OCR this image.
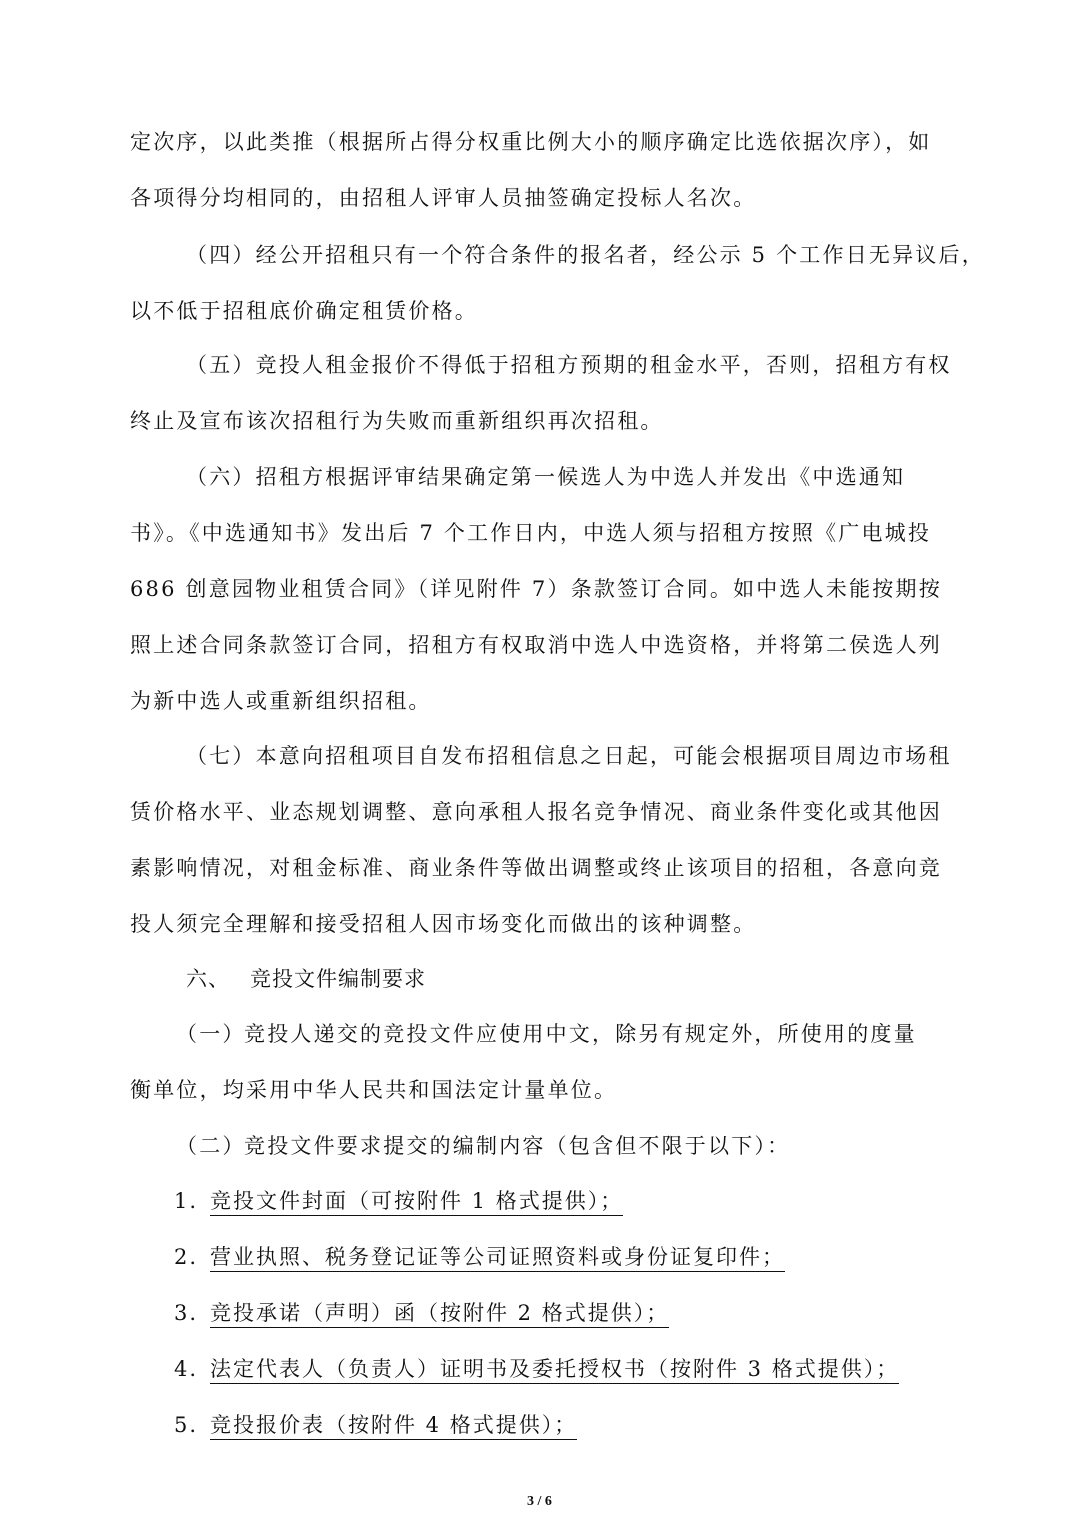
定次序，以此类推（根据所占得分权重比例大小的顺序确定比选依据次序），如
各项得分均相同的，由招租人评审人员抽签确定投标人名次。
（四）经公开招租只有一个符合条件的报名者，经公示 5 个工作日无异议后，
以不低于招租底价确定租赁价格。
（五）竞投人租金报价不得低于招租方预期的租金水平，否则，招租方有权
终止及宣布该次招租行为失败而重新组织再次招租。
（六）招租方根据评审结果确定第一候选人为中选人并发出《中选通知
书》。《中选通知书》发出后 7 个工作日内，中选人须与招租方按照《广电城投
686 创意园物业租赁合同》（详见附件 7）条款签订合同。如中选人未能按期按
照上述合同条款签订合同，招租方有权取消中选人中选资格，并将第二侯选人列
为新中选人或重新组织招租。
（七）本意向招租项目自发布招租信息之日起，可能会根据项目周边市场租
赁价格水平、业态规划调整、意向承租人报名竞争情况、商业条件变化或其他因
素影响情况，对租金标准、商业条件等做出调整或终止该项目的招租，各意向竞
投人须完全理解和接受招租人因市场变化而做出的该种调整。
六、 竞投文件编制要求
（一）竞投人递交的竞投文件应使用中文，除另有规定外，所使用的度量
衡单位，均采用中华人民共和国法定计量单位。
（二）竞投文件要求提交的编制内容（包含但不限于以下）：
1. 竞投文件封面（可按附件 1 格式提供）；
2. 营业执照、税务登记证等公司证照资料或身份证复印件；
3. 竞投承诺（声明）函（按附件 2 格式提供）；
4. 法定代表人（负责人）证明书及委托授权书（按附件 3 格式提供）；
5. 竞投报价表（按附件 4 格式提供）；
3 / 6
